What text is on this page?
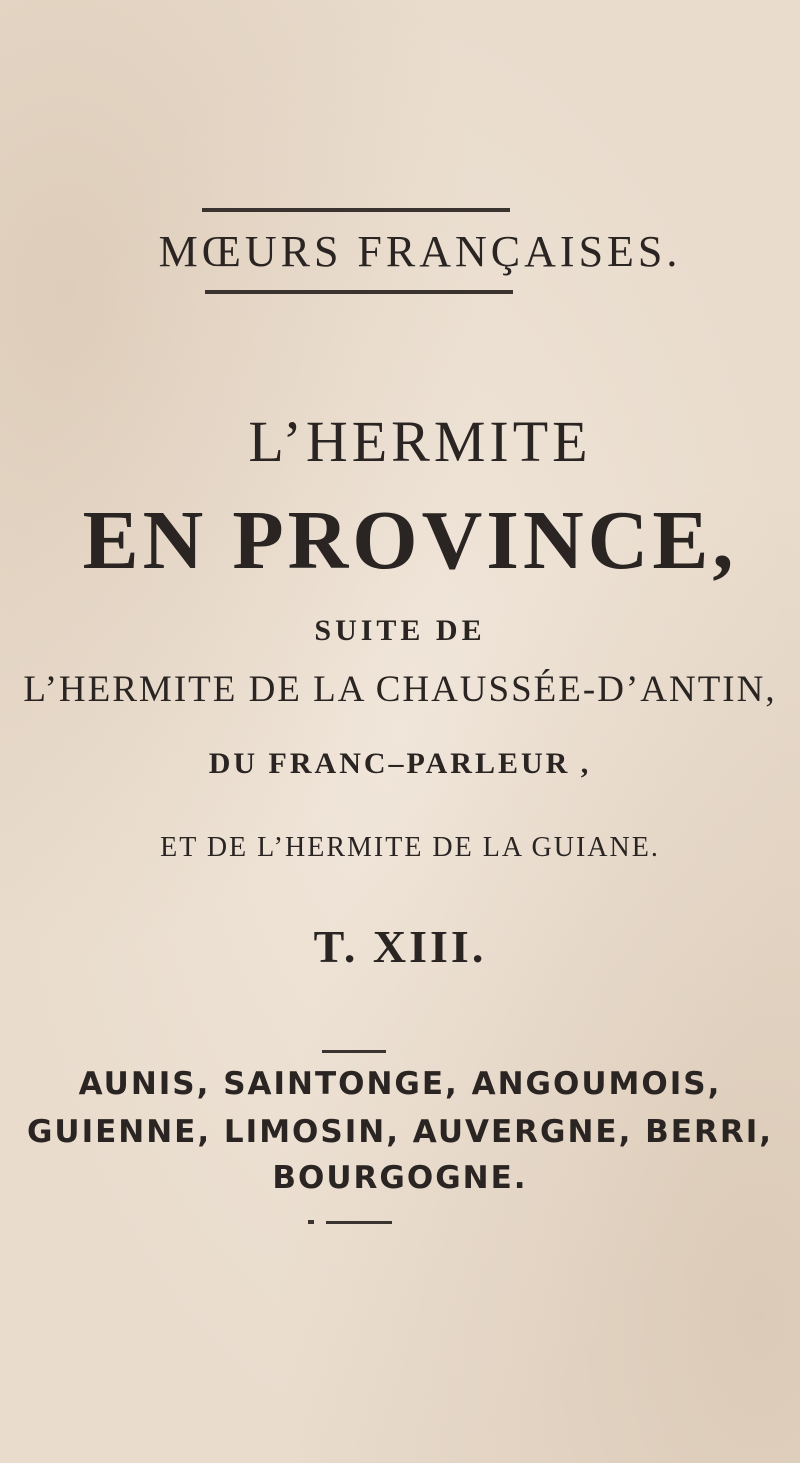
MŒURS FRANÇAISES.
L’HERMITE
EN PROVINCE,
SUITE DE
L’HERMITE DE LA CHAUSSÉE-D’ANTIN,
DU FRANC–PARLEUR ,
ET DE L’HERMITE DE LA GUIANE.
T. XIII.
AUNIS, SAINTONGE, ANGOUMOIS,
GUIENNE, LIMOSIN, AUVERGNE, BERRI,
BOURGOGNE.
